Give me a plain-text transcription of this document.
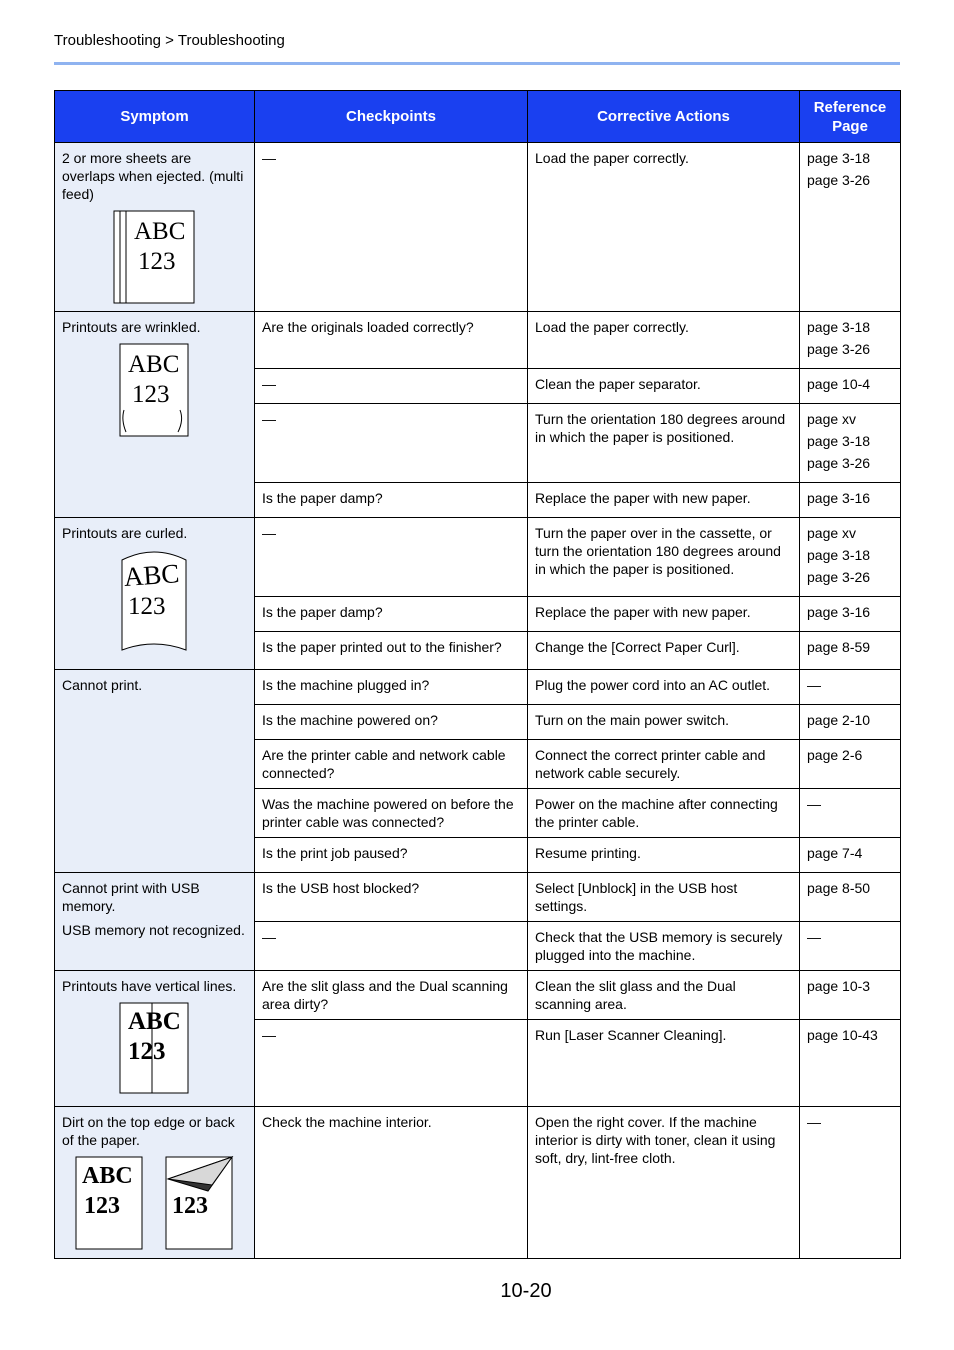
Troubleshooting > Troubleshooting
Symptom	Checkpoints	Corrective Actions	Reference Page
2 or more sheets are overlaps when ejected. (multi feed)
ABC
123	—	Load the paper correctly.	page 3-18
page 3-26

Printouts are wrinkled.
ABC
123	Are the originals loaded correctly?	Load the paper correctly.	page 3-18
page 3-26

	—	Clean the paper separator.	page 10-4

	—	Turn the orientation 180 degrees around in which the paper is positioned.	page xv
page 3-18
page 3-26

	Is the paper damp?	Replace the paper with new paper.	page 3-16

Printouts are curled.
ABC
123	—	Turn the paper over in the cassette, or turn the orientation 180 degrees around in which the paper is positioned.	page xv
page 3-18
page 3-26

	Is the paper damp?	Replace the paper with new paper.	page 3-16

	Is the paper printed out to the finisher?	Change the [Correct Paper Curl].	page 8-59

Cannot print.	Is the machine plugged in?	Plug the power cord into an AC outlet.	—

	Is the machine powered on?	Turn on the main power switch.	page 2-10

	Are the printer cable and network cable connected?	Connect the correct printer cable and network cable securely.	page 2-6

	Was the machine powered on before the printer cable was connected?	Power on the machine after connecting the printer cable.	—

	Is the print job paused?	Resume printing.	page 7-4

Cannot print with USB memory.
USB memory not recognized.	Is the USB host blocked?	Select [Unblock] in the USB host settings.	page 8-50

	—	Check that the USB memory is securely plugged into the machine.	—

Printouts have vertical lines.
ABC
123	Are the slit glass and the Dual scanning area dirty?	Clean the slit glass and the Dual scanning area.	page 10-3

	—	Run [Laser Scanner Cleaning].	page 10-43

Dirt on the top edge or back of the paper.
ABC
123 123	Check the machine interior.	Open the right cover. If the machine interior is dirty with toner, clean it using soft, dry, lint-free cloth.	—
10-20
